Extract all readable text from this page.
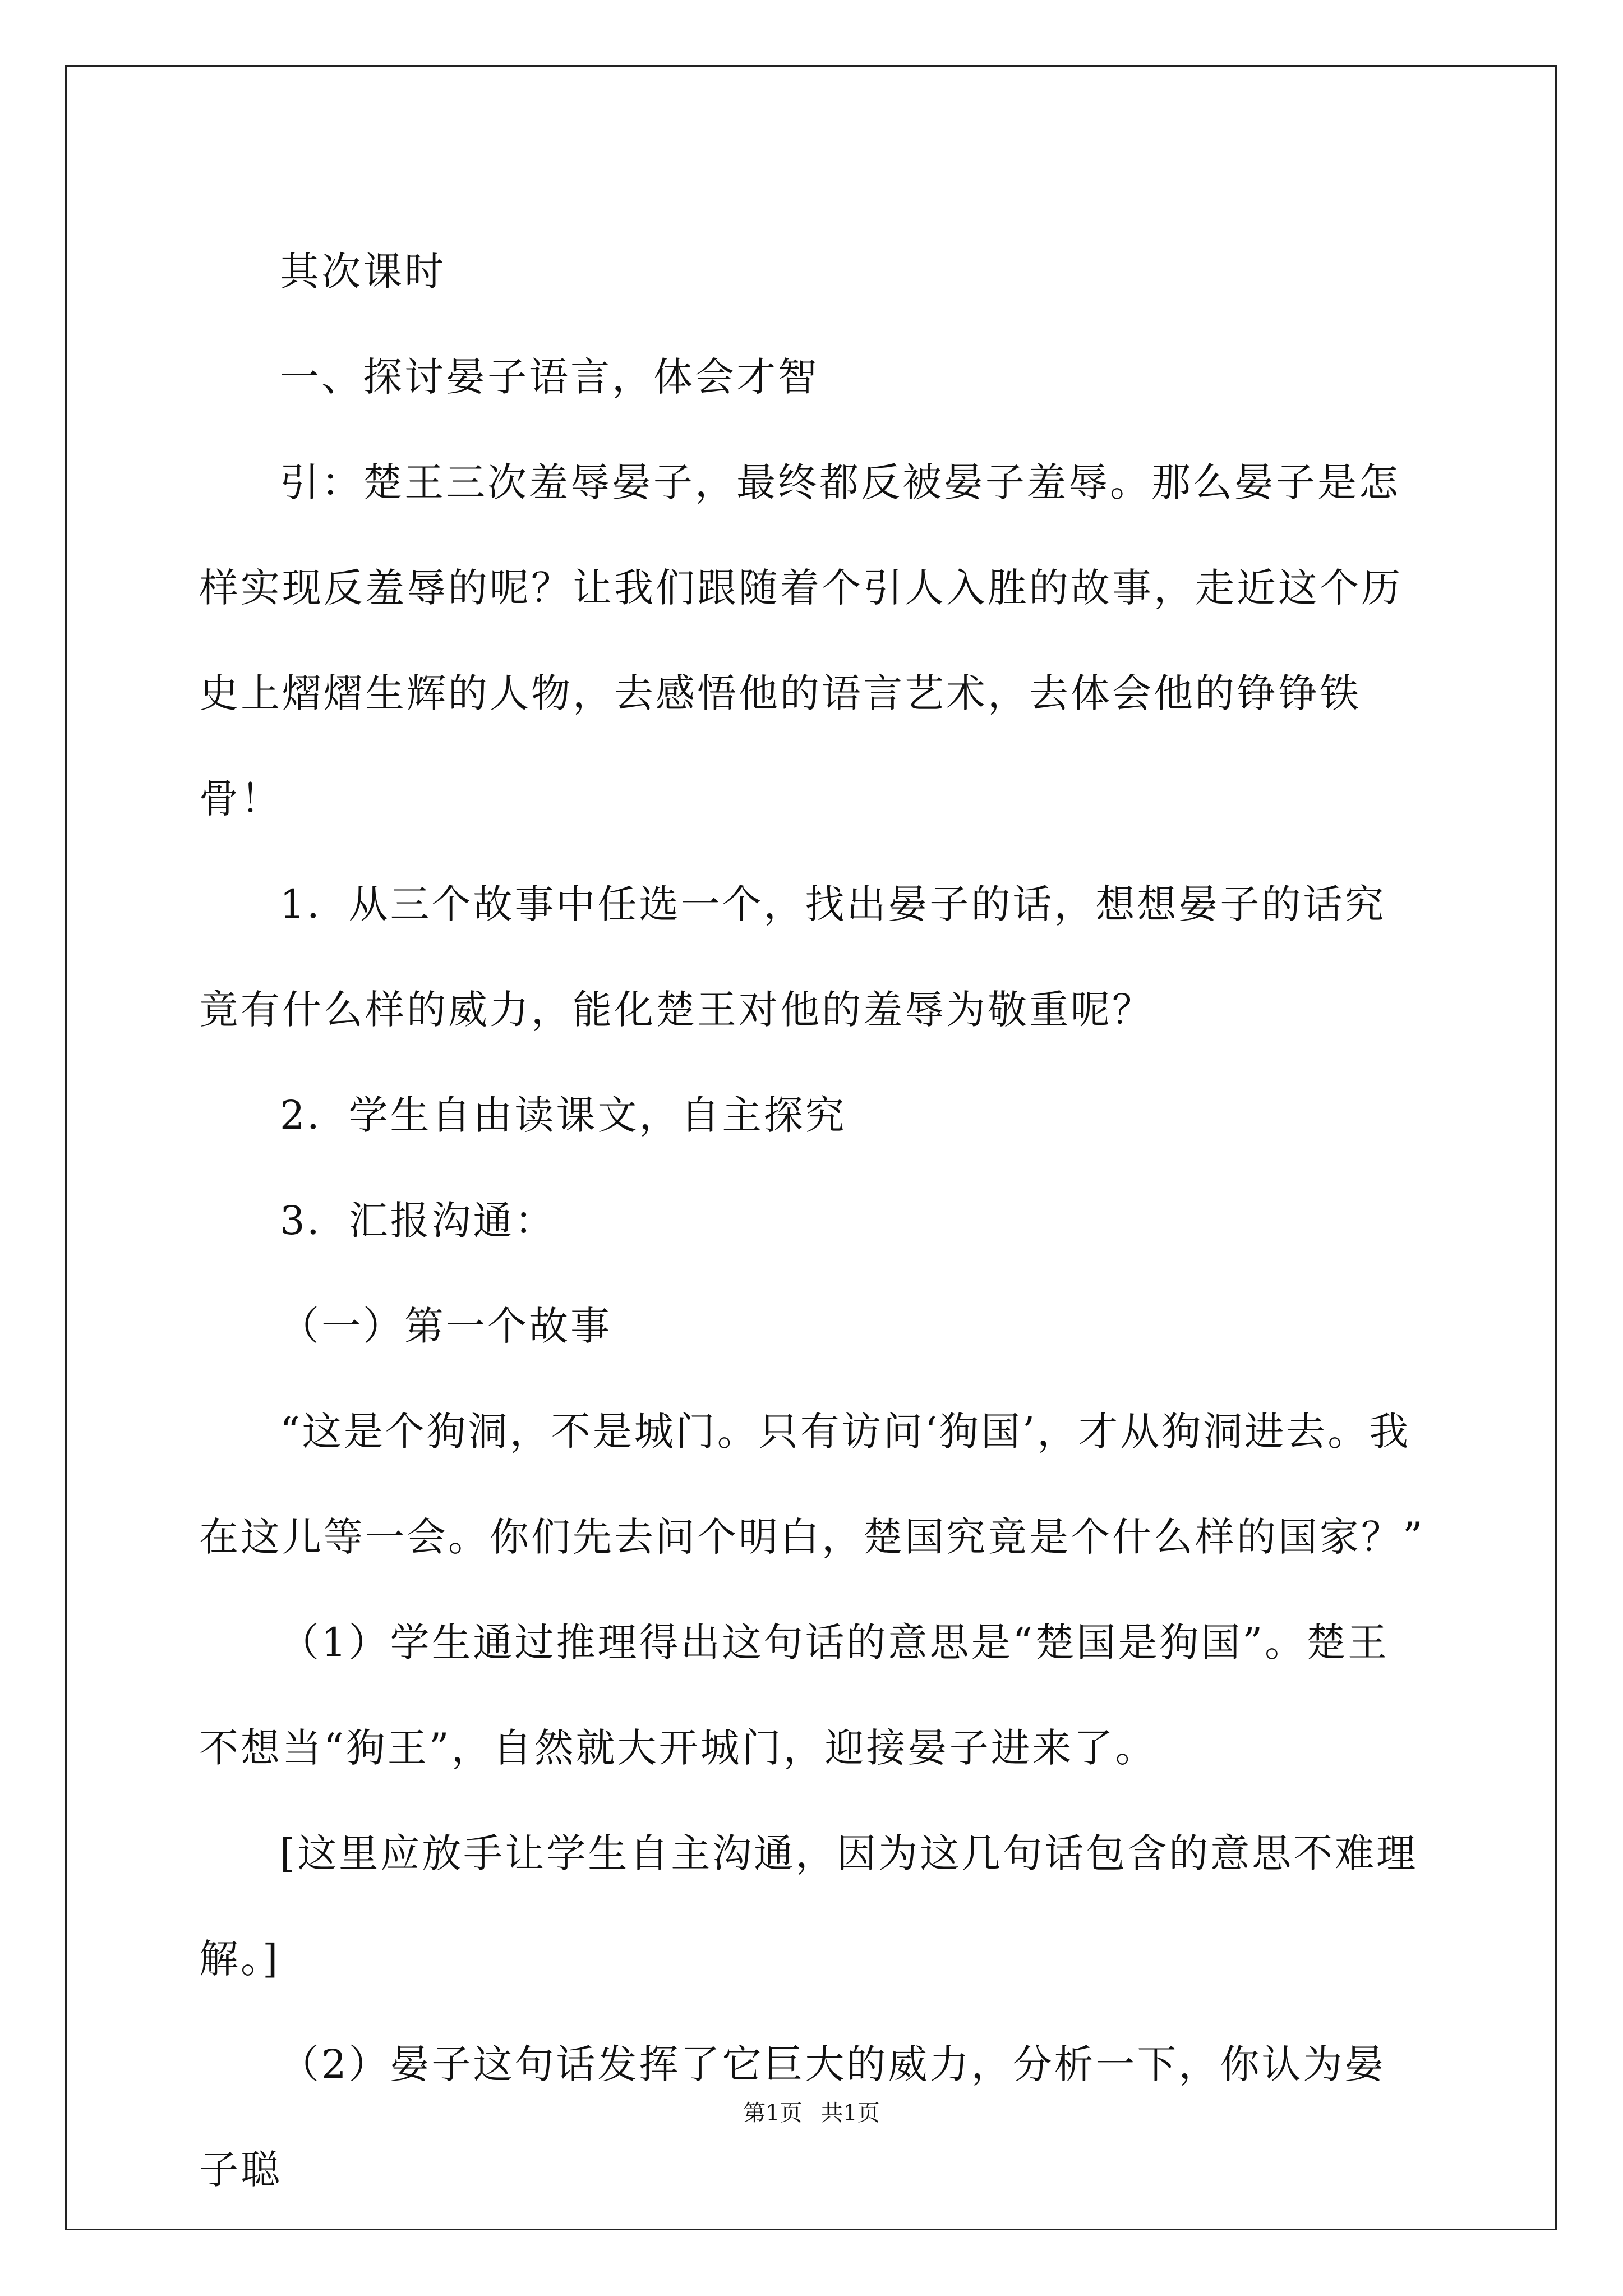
其次课时

一、探讨晏子语言，体会才智

引：楚王三次羞辱晏子，最终都反被晏子羞辱。那么晏子是怎样实现反羞辱的呢？让我们跟随着个引人入胜的故事，走近这个历史上熠熠生辉的人物，去感悟他的语言艺术，去体会他的铮铮铁骨！

1．从三个故事中任选一个，找出晏子的话，想想晏子的话究竟有什么样的威力，能化楚王对他的羞辱为敬重呢？

2．学生自由读课文，自主探究

3．汇报沟通：

（一）第一个故事

“这是个狗洞，不是城门。只有访问‘狗国’，才从狗洞进去。我在这儿等一会。你们先去问个明白，楚国究竟是个什么样的国家？”

（1）学生通过推理得出这句话的意思是“楚国是狗国”。楚王不想当“狗王”，自然就大开城门，迎接晏子进来了。

[这里应放手让学生自主沟通，因为这几句话包含的意思不难理解。]

（2）晏子这句话发挥了它巨大的威力，分析一下，你认为晏子聪

第1页 共1页
